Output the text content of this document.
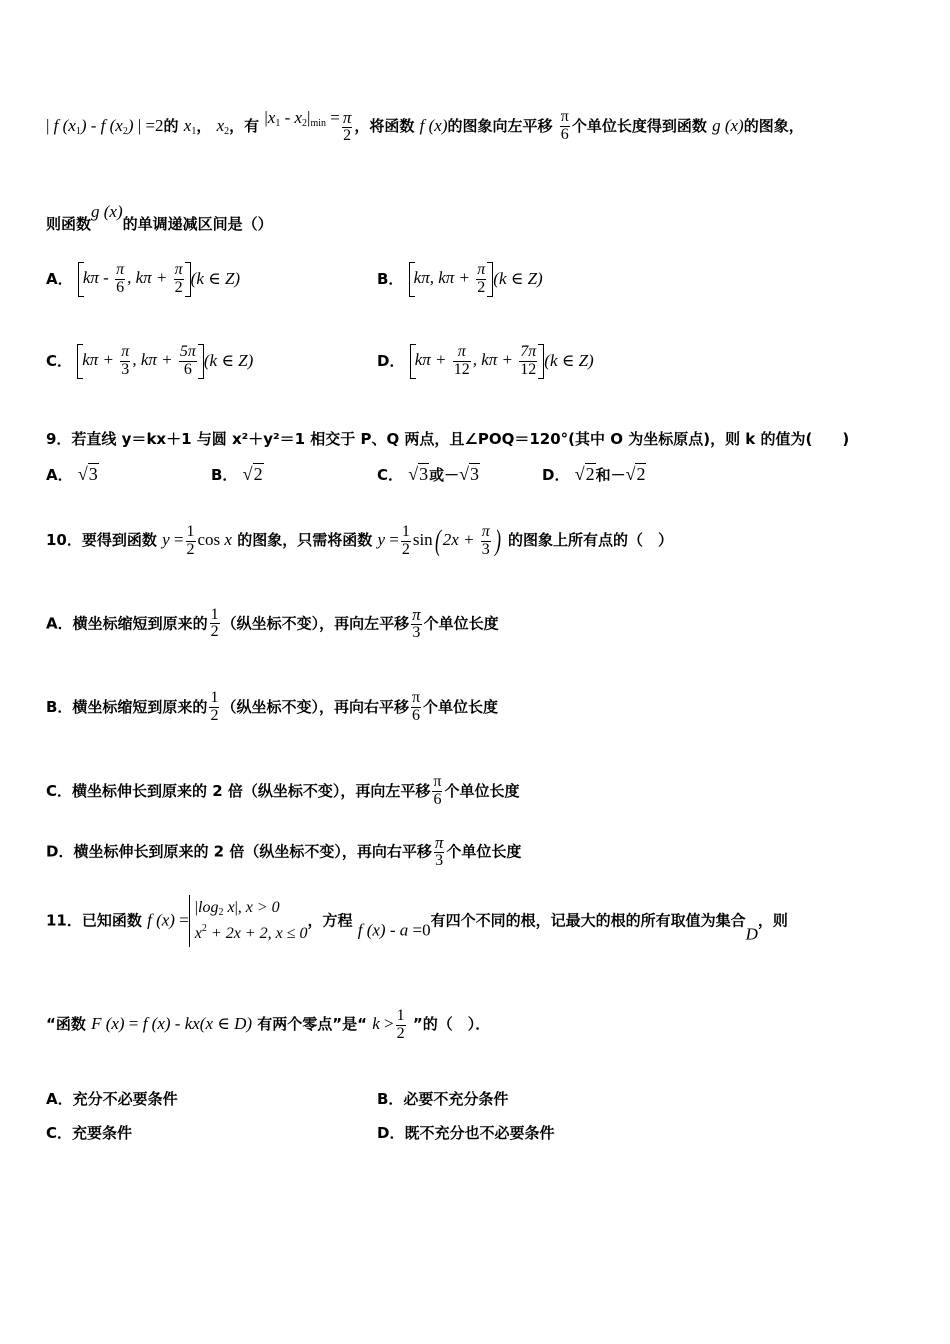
| f $(x_1)$ - f $(x_2)$ | =2的 $x_1$， $x_2$，有 $|x_1 - x_2|_{min} = \frac{\pi}{2}$ ，将函数 f (x)的图象向左平移 $\frac{\pi}{6}$ 个单位长度得到函数 g (x)的图象，
则函数g (x)的单调递减区间是（）
A． kπ - $\frac{\pi}{6}$ , $k\pi + \frac{\pi}{2} (k$ ∈ Z)	B． kπ, $k\pi + \frac{\pi}{2} (k$ ∈ Z)
C． $k\pi + \frac{\pi}{3}$ , $k\pi + \frac{5\pi}{6} (k$ ∈ Z)	D． $k\pi + \frac{\pi}{12}$ , $k\pi + \frac{7\pi}{12} (k$ ∈ Z)
9．若直线 y＝kx＋1 与圆 x²＋y²＝1 相交于 P、Q 两点，且∠POQ＝120°(其中 O 为坐标原点)，则 k 的值为(　　)
A． √3	B． √2	C． √3或－√3	D． √2和－√2
10．要得到函数 $y = \frac{1}{2}$ cos x 的图象，只需将函数 $y = \frac{1}{2} \sin$( $2x + \frac{\pi}{3}$ ) 的图象上所有点的（　）
A．横坐标缩短到原来的 $\frac{1}{2}$ （纵坐标不变），再向左平移 $\frac{\pi}{3}$ 个单位长度
B．横坐标缩短到原来的 $\frac{1}{2}$ （纵坐标不变），再向右平移 $\frac{\pi}{6}$ 个单位长度
C．横坐标伸长到原来的 2 倍（纵坐标不变），再向左平移 $\frac{\pi}{6}$ 个单位长度
D．横坐标伸长到原来的 2 倍（纵坐标不变），再向右平移 $\frac{\pi}{3}$ 个单位长度
11．已知函数 f $(x) =|\log_2$ x|, x > 0
$x^2 + 2x + 2$, x ≤ 0，方程 f (x) - a =0有四个不同的根，记最大的根的所有取值为集合D，则
“函数 F (x) = f (x) - kx(x ∈ D) 有两个零点”是“ $k > \frac{1}{2}$ ”的（　）．
A．充分不必要条件	B．必要不充分条件
C．充要条件	D．既不充分也不必要条件
